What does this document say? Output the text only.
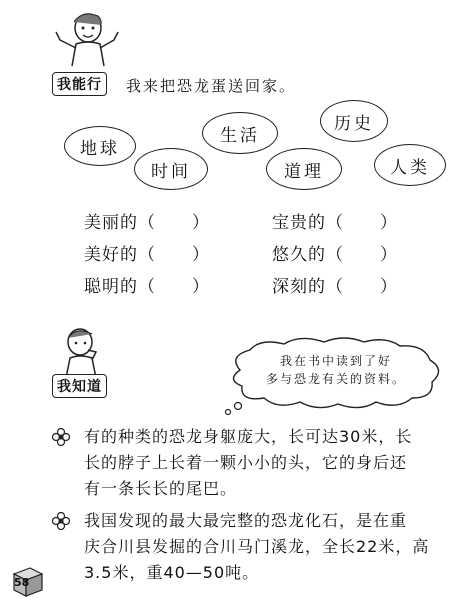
我能行	我来把恐龙蛋送回家。
地球
时间
生活
道理
历史
人类
美丽的（　　）	宝贵的（　　）
美好的（　　）	悠久的（　　）
聪明的（　　）	深刻的（　　）
我知道
我在书中读到了好
多与恐龙有关的资料。
有的种类的恐龙身躯庞大，长可达30米，长
长的脖子上长着一颗小小的头，它的身后还
有一条长长的尾巴。
我国发现的最大最完整的恐龙化石，是在重
庆合川县发掘的合川马门溪龙，全长22米，高
3.5米，重40—50吨。
58
